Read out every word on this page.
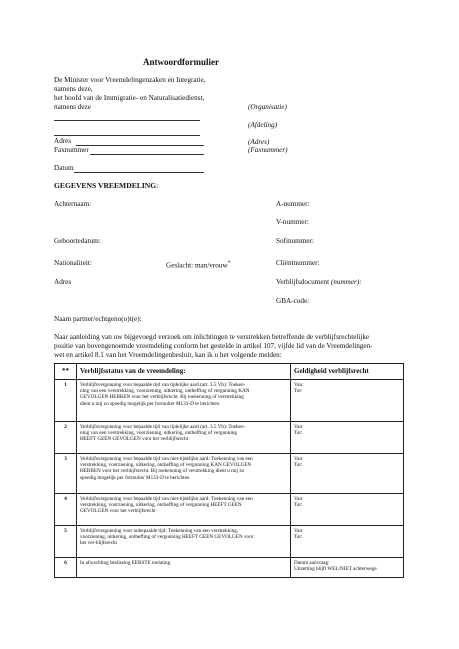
Antwoordformulier
De Minister voor Vreemdelingenzaken en Integratie,
namens deze,
het hoofd van de Immigratie- en Naturalisatiedienst,
namens deze	(Organisatie)
(Afdeling)
Adres	(Adres)
Faxnummer	(Faxnummer)
Datum
GEGEVENS VREEMDELING:
Achternaam:	A-nummer:
V-nummer:
Geboortedatum:	Sofinummer:
Nationaliteit:	Geslacht: man/vrouw*	Cliëntnummer:
Adres	Verblijfsdocument (nummer):
GBA-code:
Naam partner/echtgeno(o)t(e):
Naar aanleiding van uw bijgevoegd verzoek om inlichtingen te verstrekken betreffende de verblijfsrechtelijke
positie van bovengenoemde vreemdeling conform het gestelde in artikel 107, vijfde lid van de Vreemdelingen-
wet en artikel 8.1 van het Vreemdelingenbesluit, kan ik u het volgende melden:
**	Verblijfsstatus van de vreemdeling:	Geldigheid verblijfsrecht
1	Verblijfsvergunning voor bepaalde tijd van tijdelijke aard (art. 3.5 Vb): Toeken-
ning van een verstrekking, voorziening, uitkering, ontheffing of vergunning KAN
GEVOLGEN HEBBEN voor het verblijfsrecht. Bij toekenning of verstrekking
dient u mij zo spoedig mogelijk per formulier M133-D te berichten	Van:
Tot:
2	Verblijfsvergunning voor bepaalde tijd van tijdelijke aard (art. 3.5 Vb): Toeken-
ning van een verstrekking, voorziening, uitkering, ontheffing of vergunning
HEEFT GEEN GEVOLGEN voor het verblijfsrecht	Van:
Tot:
3	Verblijfsvergunning voor bepaalde tijd van niet-tijdelijke aard: Toekenning van een
verstrekking, voorziening, uitkering, ontheffing of vergunning KAN GEVOLGEN
HEBBEN voor het verblijfsrecht. Bij toekenning of verstrekking dient u mij zo
spoedig mogelijk per formulier M133-D te berichten	Van:
Tot:
4	Verblijfsvergunning voor bepaalde tijd van niet-tijdelijke aard: Toekenning van een
verstrekking, voorziening, uitkering, ontheffing of vergunning HEEFT GEEN
GEVOLGEN voor het verblijfsrecht	Van:
Tot:
5	Verblijfsvergunning voor onbepaalde tijd: Toekenning van een verstrekking,
voorziening, uitkering, ontheffing of vergunning HEEFT GEEN GEVOLGEN voor
het ver-blijfsrecht	Van:
Tot:
6	In afwachting beslissing EERSTE toelating	Datum aanvraag:
Uitzetting blijft WEL/NIET achterwege
